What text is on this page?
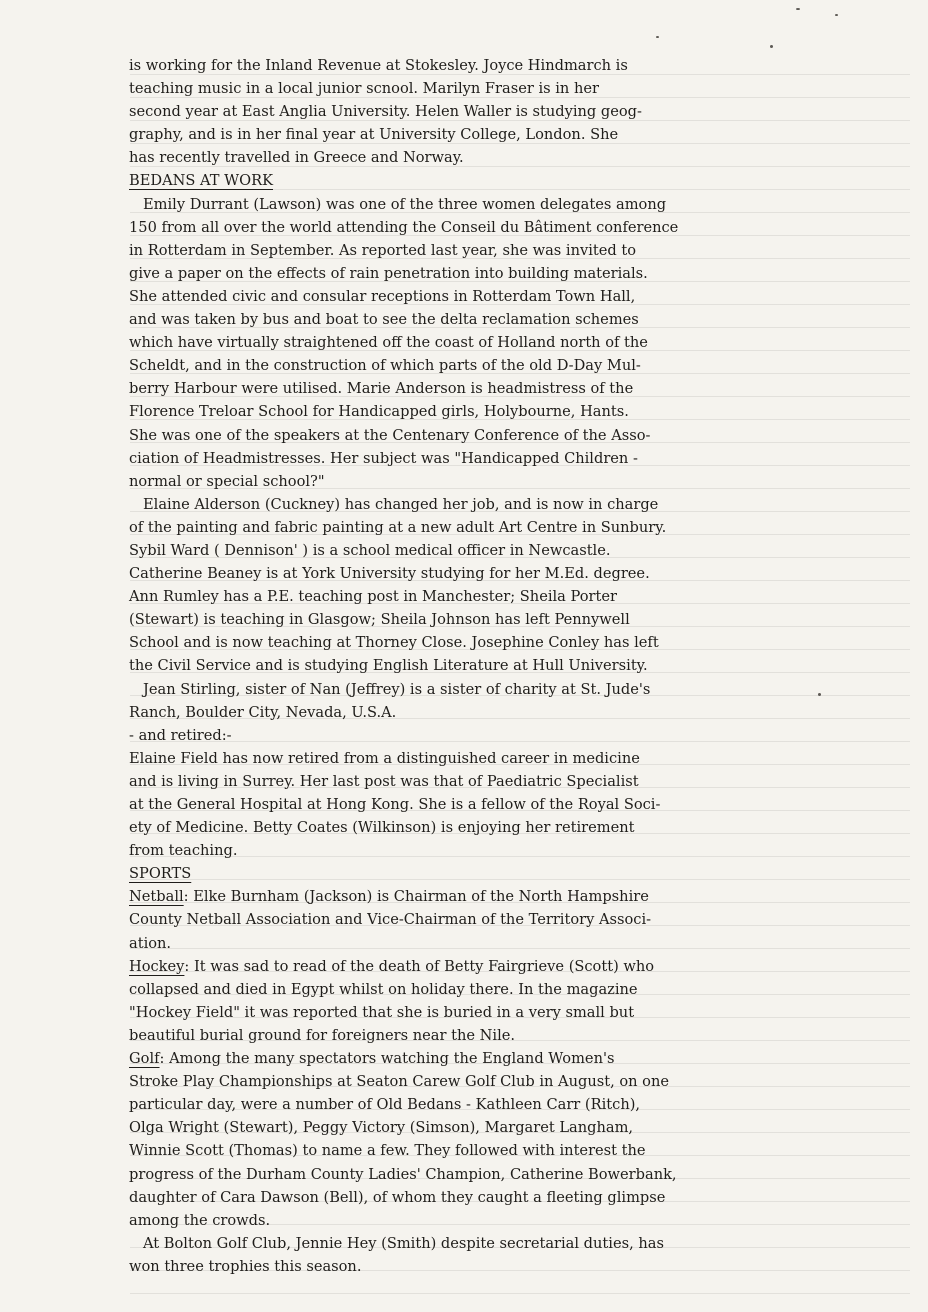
is working for the Inland Revenue at Stokesley. Joyce Hindmarch is
teaching music in a local junior scnool. Marilyn Fraser is in her
second year at East Anglia University. Helen Waller is studying geog-
graphy, and is in her final year at University College, London. She
has recently travelled in Greece and Norway.
BEDANS AT WORK
Emily Durrant (Lawson) was one of the three women delegates among
150 from all over the world attending the Conseil du Bâtiment conference
in Rotterdam in September. As reported last year, she was invited to
give a paper on the effects of rain penetration into building materials.
She attended civic and consular receptions in Rotterdam Town Hall,
and was taken by bus and boat to see the delta reclamation schemes
which have virtually straightened off the coast of Holland north of the
Scheldt, and in the construction of which parts of the old D-Day Mul-
berry Harbour were utilised. Marie Anderson is headmistress of the
Florence Treloar School for Handicapped girls, Holybourne, Hants.
She was one of the speakers at the Centenary Conference of the Asso-
ciation of Headmistresses. Her subject was "Handicapped Children -
normal or special school?"
Elaine Alderson (Cuckney) has changed her job, and is now in charge
of the painting and fabric painting at a new adult Art Centre in Sunbury.
Sybil Ward ( Dennison' ) is a school medical officer in Newcastle.
Catherine Beaney is at York University studying for her M.Ed. degree.
Ann Rumley has a P.E. teaching post in Manchester; Sheila Porter
(Stewart) is teaching in Glasgow; Sheila Johnson has left Pennywell
School and is now teaching at Thorney Close. Josephine Conley has left
the Civil Service and is studying English Literature at Hull University.
Jean Stirling, sister of Nan (Jeffrey) is a sister of charity at St. Jude's
Ranch, Boulder City, Nevada, U.S.A.
- and retired:-
Elaine Field has now retired from a distinguished career in medicine
and is living in Surrey. Her last post was that of Paediatric Specialist
at the General Hospital at Hong Kong. She is a fellow of the Royal Soci-
ety of Medicine. Betty Coates (Wilkinson) is enjoying her retirement
from teaching.
SPORTS
Netball: Elke Burnham (Jackson) is Chairman of the North Hampshire
County Netball Association and Vice-Chairman of the Territory Associ-
ation.
Hockey: It was sad to read of the death of Betty Fairgrieve (Scott) who
collapsed and died in Egypt whilst on holiday there. In the magazine
"Hockey Field" it was reported that she is buried in a very small but
beautiful burial ground for foreigners near the Nile.
Golf: Among the many spectators watching the England Women's
Stroke Play Championships at Seaton Carew Golf Club in August, on one
particular day, were a number of Old Bedans - Kathleen Carr (Ritch),
Olga Wright (Stewart), Peggy Victory (Simson), Margaret Langham,
Winnie Scott (Thomas) to name a few. They followed with interest the
progress of the Durham County Ladies' Champion, Catherine Bowerbank,
daughter of Cara Dawson (Bell), of whom they caught a fleeting glimpse
among the crowds.
At Bolton Golf Club, Jennie Hey (Smith) despite secretarial duties, has
won three trophies this season.
